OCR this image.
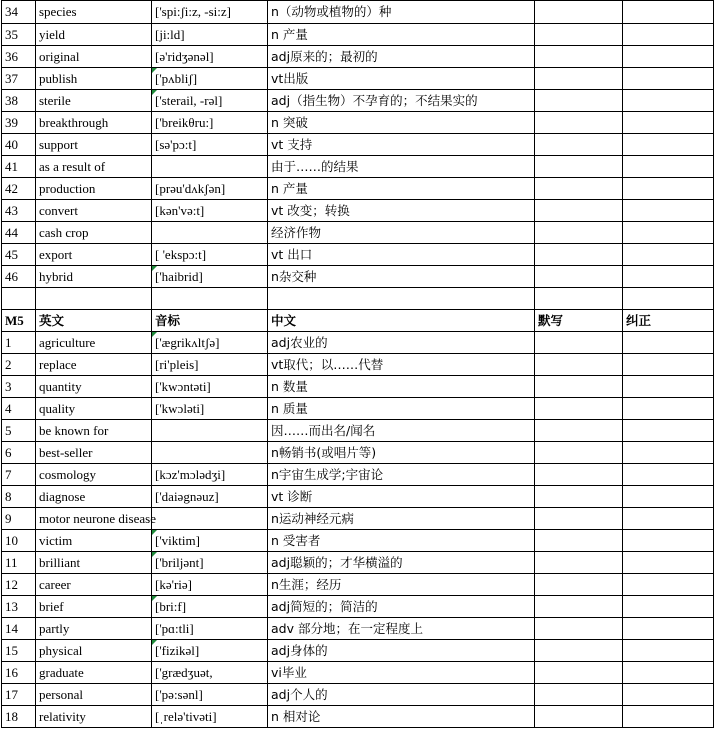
34	species	['spi:ʃi:z, -si:z]	n（动物或植物的）种		
35	yield	[ji:ld]	n 产量		
36	original	[ə'ridʒənəl]	adj原来的；最初的		
37	publish	['pʌbliʃ]	vt出版		
38	sterile	['sterail, -rəl]	adj（指生物）不孕育的；不结果实的		
39	breakthrough	['breikθru:]	n 突破		
40	support	[sə'pɔ:t]	vt 支持		
41	as a result of		由于……的结果		
42	production	[prəu'dʌkʃən]	n 产量		
43	convert	[kən'və:t]	vt 改变；转换		
44	cash crop		经济作物		
45	export	[ 'ekspɔ:t]	vt 出口		
46	hybrid	['haibrid]	n杂交种		

M5	英文	音标	中文	默写	纠正
1	agriculture	['ægrikʌltʃə]	adj农业的		
2	replace	[ri'pleis]	vt取代；以……代替		
3	quantity	['kwɔntəti]	n 数量		
4	quality	['kwɔləti]	n 质量		
5	be known for		因……而出名/闻名		
6	best-seller		n畅销书(或唱片等)		
7	cosmology	[kɔz'mɔlədʒi]	n宇宙生成学;宇宙论		
8	diagnose	['daiəgnəuz]	vt 诊断		
9	motor neurone disease		n运动神经元病		
10	victim	['viktim]	n 受害者		
11	brilliant	['briljənt]	adj聪颖的；才华横溢的		
12	career	[kə'riə]	n生涯；经历		
13	brief	[bri:f]	adj简短的；简洁的		
14	partly	['pɑ:tli]	adv 部分地；在一定程度上		
15	physical	['fizikəl]	adj身体的		
16	graduate	['grædʒuət,	vi毕业		
17	personal	['pə:sənl]	adj个人的		
18	relativity	[ˌrelə'tivəti]	n 相对论		
